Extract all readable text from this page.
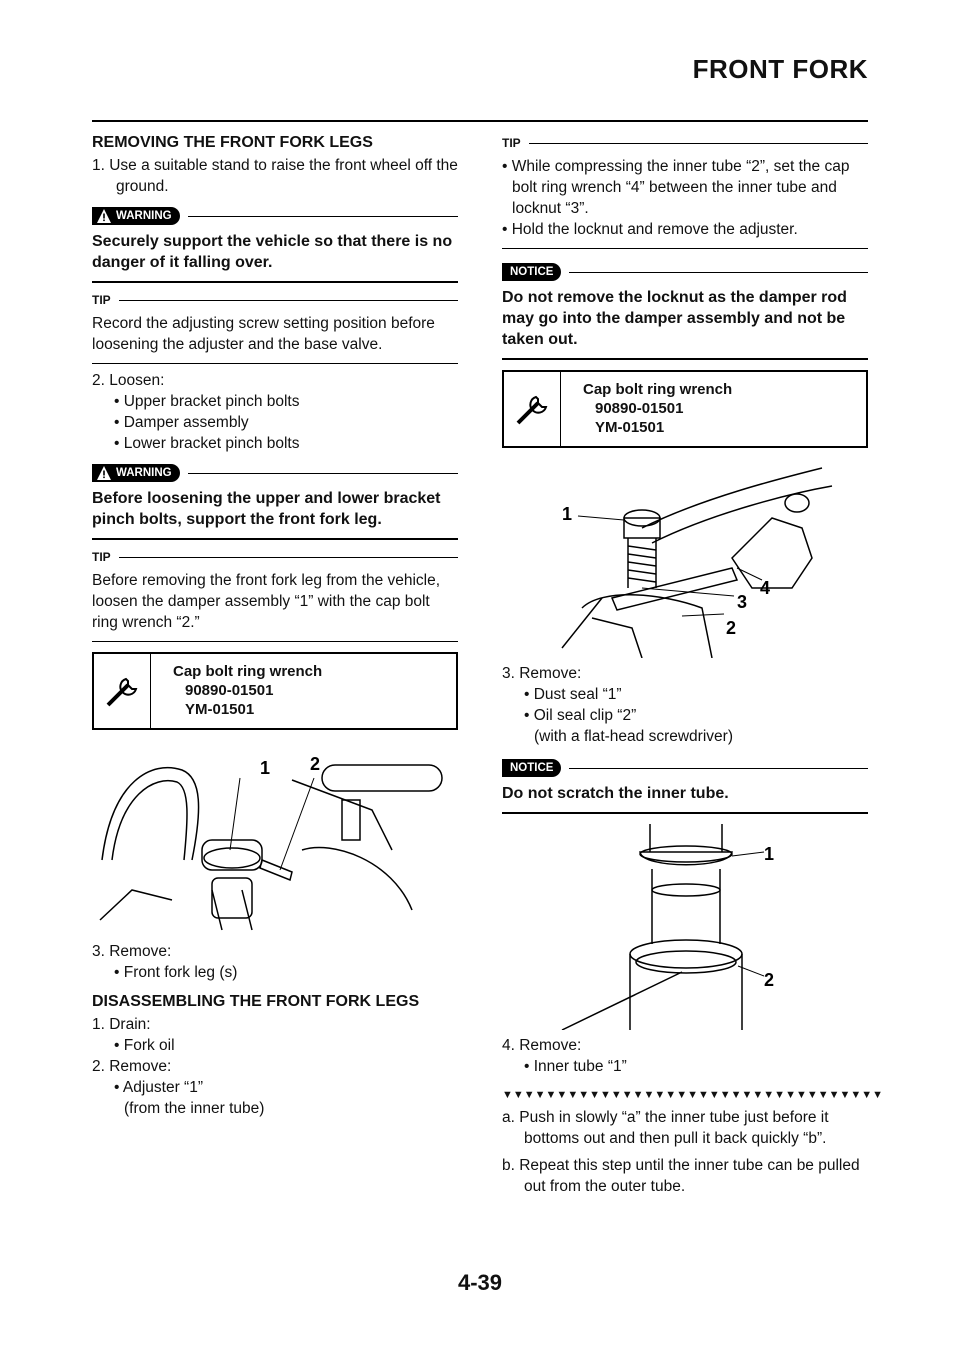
FRONT FORK
REMOVING THE FRONT FORK LEGS

1. Use a suitable stand to raise the front wheel off the ground.

WARNING

Securely support the vehicle so that there is no danger of it falling over.

TIP

Record the adjusting screw setting position before loosening the adjuster and the base valve.

2. Loosen:

• Upper bracket pinch bolts
• Damper assembly
• Lower bracket pinch bolts
WARNING

Before loosening the upper and lower bracket pinch bolts, support the front fork leg.

TIP

Before removing the front fork leg from the vehicle, loosen the damper assembly “1” with the cap bolt ring wrench “2.”

Cap bolt ring wrench
90890-01501
YM-01501
1 2

3. Remove:

• Front fork leg (s)
DISASSEMBLING THE FRONT FORK LEGS

1. Drain:

• Fork oil

2. Remove:

• Adjuster “1”
(from the inner tube)
TIP
• While compressing the inner tube “2”, set the cap bolt ring wrench “4” between the inner tube and locknut “3”.
• Hold the locknut and remove the adjuster.
NOTICE

Do not remove the locknut as the damper rod may go into the damper assembly and not be taken out.

Cap bolt ring wrench
90890-01501
YM-01501
1
4
3
2

3. Remove:

• Dust seal “1”
• Oil seal clip “2”
(with a flat-head screwdriver)
NOTICE

Do not scratch the inner tube.

1
2

4. Remove:

• Inner tube “1”
▼▼▼▼▼▼▼▼▼▼▼▼▼▼▼▼▼▼▼▼▼▼▼▼▼▼▼▼▼▼▼▼▼▼▼

a. Push in slowly “a” the inner tube just before it bottoms out and then pull it back quickly “b”.

b. Repeat this step until the inner tube can be pulled out from the outer tube.

4-39
